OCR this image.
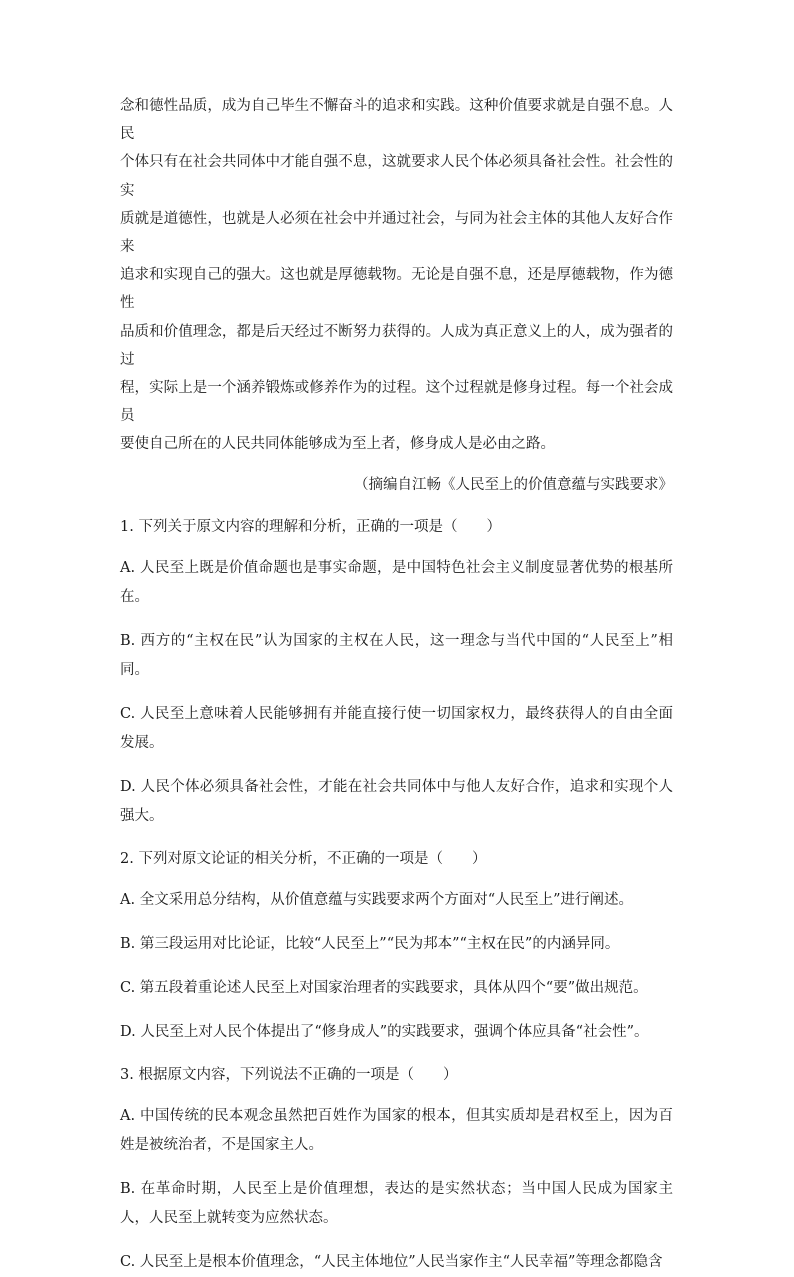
念和德性品质，成为自己毕生不懈奋斗的追求和实践。这种价值要求就是自强不息。人民

个体只有在社会共同体中才能自强不息，这就要求人民个体必须具备社会性。社会性的实

质就是道德性，也就是人必须在社会中并通过社会，与同为社会主体的其他人友好合作来

追求和实现自己的强大。这也就是厚德载物。无论是自强不息，还是厚德载物，作为德性

品质和价值理念，都是后天经过不断努力获得的。人成为真正意义上的人，成为强者的过

程，实际上是一个涵养锻炼或修养作为的过程。这个过程就是修身过程。每一个社会成员

要使自己所在的人民共同体能够成为至上者，修身成人是必由之路。

（摘编自江畅《人民至上的价值意蕴与实践要求》
1. 下列关于原文内容的理解和分析，正确的一项是（　　）
A. 人民至上既是价值命题也是事实命题，是中国特色社会主义制度显著优势的根基所在。
B. 西方的“主权在民”认为国家的主权在人民，这一理念与当代中国的“人民至上”相同。
C. 人民至上意味着人民能够拥有并能直接行使一切国家权力，最终获得人的自由全面发展。
D. 人民个体必须具备社会性，才能在社会共同体中与他人友好合作，追求和实现个人强大。
2. 下列对原文论证的相关分析，不正确的一项是（　　）
A. 全文采用总分结构，从价值意蕴与实践要求两个方面对“人民至上”进行阐述。
B. 第三段运用对比论证，比较“人民至上”“民为邦本”“主权在民”的内涵异同。
C. 第五段着重论述人民至上对国家治理者的实践要求，具体从四个“要”做出规范。
D. 人民至上对人民个体提出了“修身成人”的实践要求，强调个体应具备“社会性”。
3. 根据原文内容，下列说法不正确的一项是（　　）
A. 中国传统的民本观念虽然把百姓作为国家的根本，但其实质却是君权至上，因为百姓是被统治者，不是国家主人。
B. 在革命时期，人民至上是价值理想，表达的是实然状态；当中国人民成为国家主人，人民至上就转变为应然状态。
C. 人民至上是根本价值理念，“人民主体地位”人民当家作主“人民幸福”等理念都隐含
